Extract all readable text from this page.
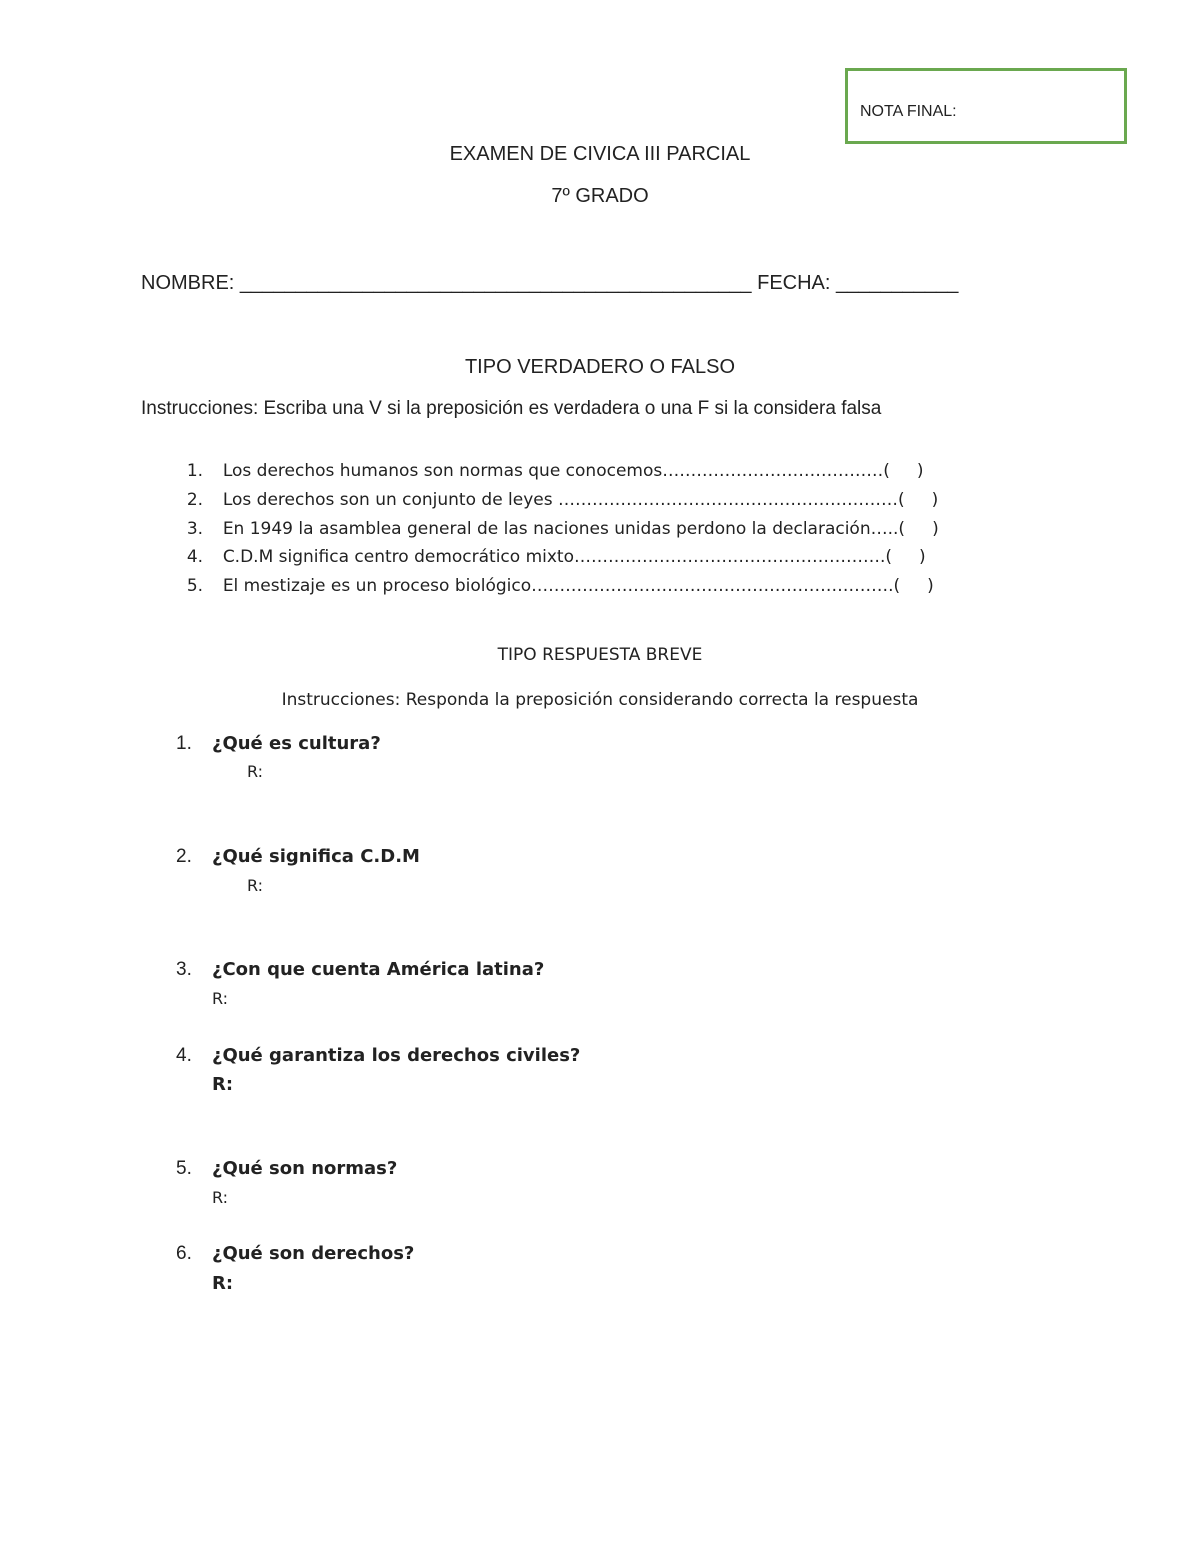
NOTA FINAL:
EXAMEN DE CIVICA III PARCIAL
7º GRADO
NOMBRE: ______________________________________________ FECHA: ___________
TIPO VERDADERO O FALSO
Instrucciones: Escriba una V si la preposición es verdadera o una F si la considera falsa

1. Los derechos humanos son normas que conocemos…………………………………(     )

2. Los derechos son un conjunto de leyes ……………………………………………………(     )

3. En 1949 la asamblea general de las naciones unidas perdono la declaración…..(     )

4. C.D.M significa centro democrático mixto……………………………………………….(     )

5. El mestizaje es un proceso biológico……………………………………………………….(     )

TIPO RESPUESTA BREVE
Instrucciones: Responda la preposición considerando correcta la respuesta
1. ¿Qué es cultura?
R:
2. ¿Qué significa C.D.M
R:
3. ¿Con que cuenta América latina?
R:
4. ¿Qué garantiza los derechos civiles?
R:
5. ¿Qué son normas?
R:
6. ¿Qué son derechos?
R:
